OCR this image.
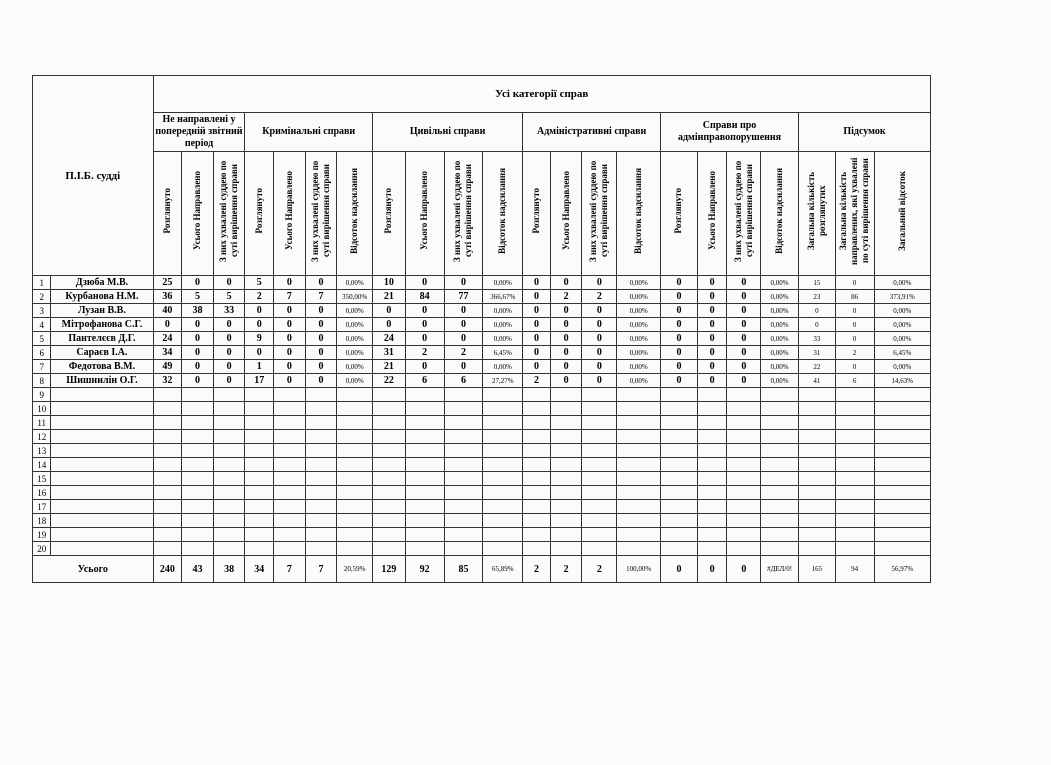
П.І.Б. судді		Усі категорії справ																					
		Не направлені у попередній звітний період			Кримінальні справи				Цивільні справи				Адміністративні справи				Справи про адмінправопорушення				Підсумок		
		Розглянуто	Усього Направлено	З них ухвалені суддею по суті вирішення справи	Розглянуто	Усього Направлено	З них ухвалені суддею по суті вирішення справи	Відсоток надсилання	Розглянуто	Усього Направлено	З них ухвалені суддею по суті вирішення справи	Відсоток надсилання	Розглянуто	Усього Направлено	З них ухвалені суддею по суті вирішення справи	Відсоток надсилання	Розглянуто	Усього Направлено	З них ухвалені суддею по суті вирішення справи	Відсоток надсилання	Загальна кількість розглянутих	Загальна кількість направлених, які ухвалені по суті вирішення справи	Загальний відсоток
1	Дзюба М.В.	25	0	0	5	0	0	0,00%	10	0	0	0,00%	0	0	0	0,00%	0	0	0	0,00%	15	0	0,00%
2	Курбанова Н.М.	36	5	5	2	7	7	350,00%	21	84	77	366,67%	0	2	2	0,00%	0	0	0	0,00%	23	86	373,91%
3	Лузан В.В.	40	38	33	0	0	0	0,00%	0	0	0	0,00%	0	0	0	0,00%	0	0	0	0,00%	0	0	0,00%
4	Мітрофанова С.Г.	0	0	0	0	0	0	0,00%	0	0	0	0,00%	0	0	0	0,00%	0	0	0	0,00%	0	0	0,00%
5	Пантелєєв Д.Г.	24	0	0	9	0	0	0,00%	24	0	0	0,00%	0	0	0	0,00%	0	0	0	0,00%	33	0	0,00%
6	Сараєв І.А.	34	0	0	0	0	0	0,00%	31	2	2	6,45%	0	0	0	0,00%	0	0	0	0,00%	31	2	6,45%
7	Федотова В.М.	49	0	0	1	0	0	0,00%	21	0	0	0,00%	0	0	0	0,00%	0	0	0	0,00%	22	0	0,00%
8	Шишнилін О.Г.	32	0	0	17	0	0	0,00%	22	6	6	27,27%	2	0	0	0,00%	0	0	0	0,00%	41	6	14,63%
9																							
10																							
11																							
12																							
13																							
14																							
15																							
16																							
17																							
18																							
19																							
20																							
Усього		240	43	38	34	7	7	20,59%	129	92	85	65,89%	2	2	2	100,00%	0	0	0	#ДЕЛ/0!	165	94	56,97%
